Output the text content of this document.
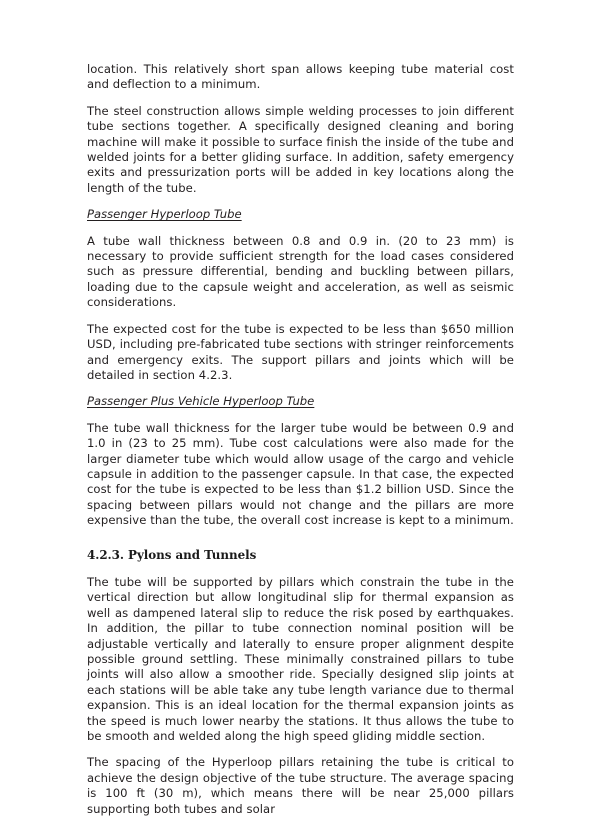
location. This relatively short span allows keeping tube material cost and deflection to a minimum.

The steel construction allows simple welding processes to join different tube sections together. A specifically designed cleaning and boring machine will make it possible to surface finish the inside of the tube and welded joints for a better gliding surface. In addition, safety emergency exits and pressurization ports will be added in key locations along the length of the tube.

Passenger Hyperloop Tube

A tube wall thickness between 0.8 and 0.9 in. (20 to 23 mm) is necessary to provide sufficient strength for the load cases considered such as pressure differential, bending and buckling between pillars, loading due to the capsule weight and acceleration, as well as seismic considerations.

The expected cost for the tube is expected to be less than $650 million USD, including pre-fabricated tube sections with stringer reinforcements and emergency exits. The support pillars and joints which will be detailed in section 4.2.3.

Passenger Plus Vehicle Hyperloop Tube

The tube wall thickness for the larger tube would be between 0.9 and 1.0 in (23 to 25 mm). Tube cost calculations were also made for the larger diameter tube which would allow usage of the cargo and vehicle capsule in addition to the passenger capsule. In that case, the expected cost for the tube is expected to be less than $1.2 billion USD. Since the spacing between pillars would not change and the pillars are more expensive than the tube, the overall cost increase is kept to a minimum.

4.2.3. Pylons and Tunnels

The tube will be supported by pillars which constrain the tube in the vertical direction but allow longitudinal slip for thermal expansion as well as dampened lateral slip to reduce the risk posed by earthquakes. In addition, the pillar to tube connection nominal position will be adjustable vertically and laterally to ensure proper alignment despite possible ground settling. These minimally constrained pillars to tube joints will also allow a smoother ride. Specially designed slip joints at each stations will be able take any tube length variance due to thermal expansion. This is an ideal location for the thermal expansion joints as the speed is much lower nearby the stations. It thus allows the tube to be smooth and welded along the high speed gliding middle section.

The spacing of the Hyperloop pillars retaining the tube is critical to achieve the design objective of the tube structure. The average spacing is 100 ft (30 m), which means there will be near 25,000 pillars supporting both tubes and solar
